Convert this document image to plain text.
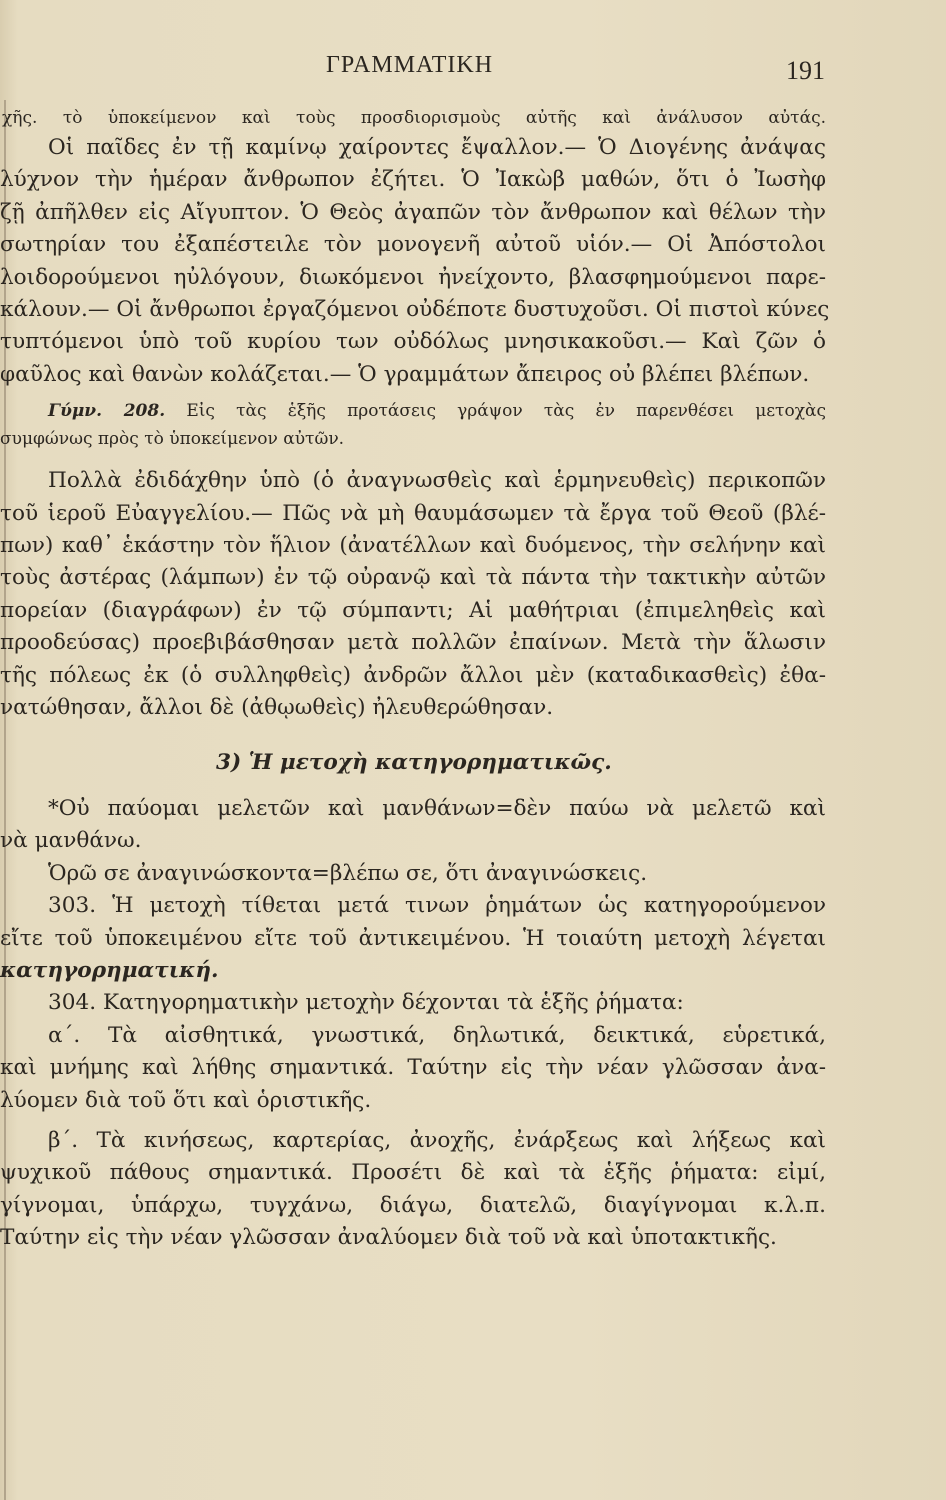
ΓΡΑΜΜΑΤΙΚΗ	191
χῆς. τὸ ὑποκείμενον καὶ τοὺς προσδιορισμοὺς αὐτῆς καὶ ἀνάλυσον αὐτάς.
Οἱ παῖδες ἐν τῇ καμίνῳ χαίροντες ἔψαλλον.— Ὁ Διογένης ἀνάψας
λύχνον τὴν ἡμέραν ἄνθρωπον ἐζήτει. Ὁ Ἰακὼβ μαθών, ὅτι ὁ Ἰωσὴφ
ζῇ ἀπῆλθεν εἰς Αἴγυπτον. Ὁ Θεὸς ἀγαπῶν τὸν ἄνθρωπον καὶ θέλων τὴν
σωτηρίαν του ἐξαπέστειλε τὸν μονογενῆ αὐτοῦ υἱόν.— Οἱ Ἀπόστολοι
λοιδορούμενοι ηὐλόγουν, διωκόμενοι ἠνείχοντο, βλασφημούμενοι παρε-
κάλουν.— Οἱ ἄνθρωποι ἐργαζόμενοι οὐδέποτε δυστυχοῦσι. Οἱ πιστοὶ κύνες
τυπτόμενοι ὑπὸ τοῦ κυρίου των οὐδόλως μνησικακοῦσι.— Καὶ ζῶν ὁ
φαῦλος καὶ θανὼν κολάζεται.— Ὁ γραμμάτων ἄπειρος οὐ βλέπει βλέπων.
Γύμν. 208. Εἰς τὰς ἑξῆς προτάσεις γράψον τὰς ἐν παρενθέσει μετοχὰς
συμφώνως πρὸς τὸ ὑποκείμενον αὐτῶν.
Πολλὰ ἐδιδάχθην ὑπὸ (ὁ ἀναγνωσθεὶς καὶ ἑρμηνευθεὶς) περικοπῶν
τοῦ ἱεροῦ Εὐαγγελίου.— Πῶς νὰ μὴ θαυμάσωμεν τὰ ἔργα τοῦ Θεοῦ (βλέ-
πων) καθ᾽ ἑκάστην τὸν ἥλιον (ἀνατέλλων καὶ δυόμενος, τὴν σελήνην καὶ
τοὺς ἀστέρας (λάμπων) ἐν τῷ οὐρανῷ καὶ τὰ πάντα τὴν τακτικὴν αὐτῶν
πορείαν (διαγράφων) ἐν τῷ σύμπαντι; Αἱ μαθήτριαι (ἐπιμεληθεὶς καὶ
προοδεύσας) προεβιβάσθησαν μετὰ πολλῶν ἐπαίνων. Μετὰ τὴν ἅλωσιν
τῆς πόλεως ἐκ (ὁ συλληφθεὶς) ἀνδρῶν ἄλλοι μὲν (καταδικασθεὶς) ἐθα-
νατώθησαν, ἄλλοι δὲ (ἀθῳωθεὶς) ἠλευθερώθησαν.
3) Ἡ μετοχὴ κατηγορηματικῶς.
*Οὐ παύομαι μελετῶν καὶ μανθάνων=δὲν παύω νὰ μελετῶ καὶ
νὰ μανθάνω.
Ὁρῶ σε ἀναγινώσκοντα=βλέπω σε, ὅτι ἀναγινώσκεις.
303. Ἡ μετοχὴ τίθεται μετά τινων ῥημάτων ὡς κατηγορούμενον
εἴτε τοῦ ὑποκειμένου εἴτε τοῦ ἀντικειμένου. Ἡ τοιαύτη μετοχὴ λέγεται
κατηγορηματική.
304. Κατηγορηματικὴν μετοχὴν δέχονται τὰ ἑξῆς ῥήματα:
α΄. Τὰ αἰσθητικά, γνωστικά, δηλωτικά, δεικτικά, εὑρετικά,
καὶ μνήμης καὶ λήθης σημαντικά. Ταύτην εἰς τὴν νέαν γλῶσσαν ἀνα-
λύομεν διὰ τοῦ ὅτι καὶ ὁριστικῆς.
β΄. Τὰ κινήσεως, καρτερίας, ἀνοχῆς, ἐνάρξεως καὶ λήξεως καὶ
ψυχικοῦ πάθους σημαντικά. Προσέτι δὲ καὶ τὰ ἑξῆς ῥήματα: εἰμί,
γίγνομαι, ὑπάρχω, τυγχάνω, διάγω, διατελῶ, διαγίγνομαι κ.λ.π.
Ταύτην εἰς τὴν νέαν γλῶσσαν ἀναλύομεν διὰ τοῦ νὰ καὶ ὑποτακτικῆς.
